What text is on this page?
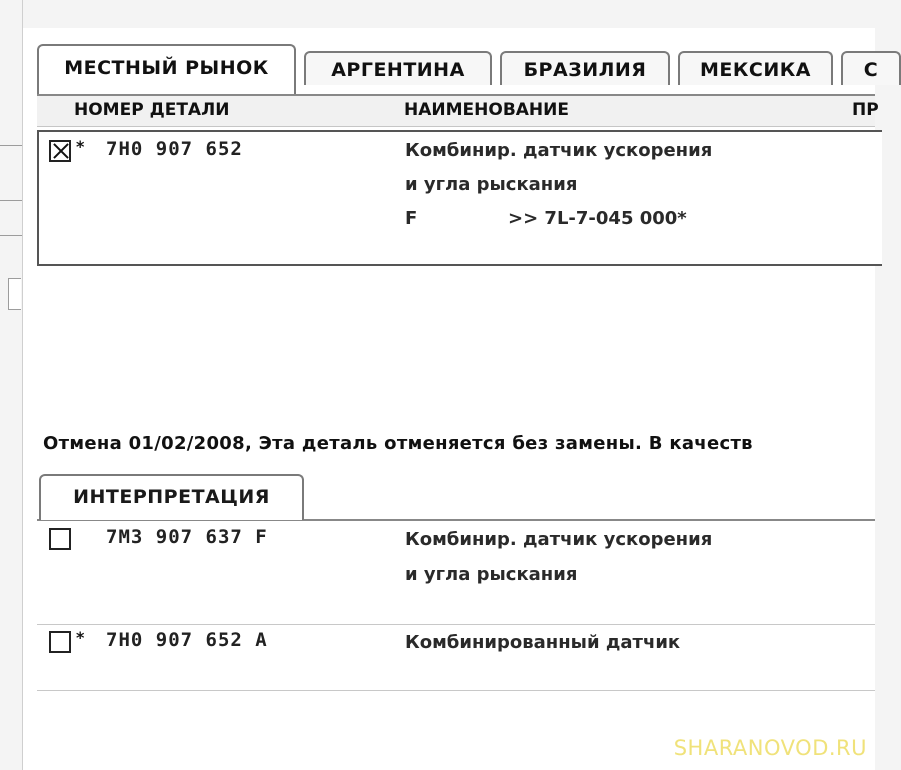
МЕСТНЫЙ РЫНОК	АРГЕНТИНА	БРАЗИЛИЯ	МЕКСИКА	С
НОМЕР ДЕТАЛИ	НАИМЕНОВАНИЕ	ПР
* 7H0 907 652	Комбинир. датчик ускорения
и угла рыскания
F	>> 7L-7-045 000*
Отмена 01/02/2008, Эта деталь отменяется без замены. В качеств
ИНТЕРПРЕТАЦИЯ
7M3 907 637 F	Комбинир. датчик ускорения
и угла рыскания
* 7H0 907 652 A	Комбинированный датчик
SHARANOVOD.RU
